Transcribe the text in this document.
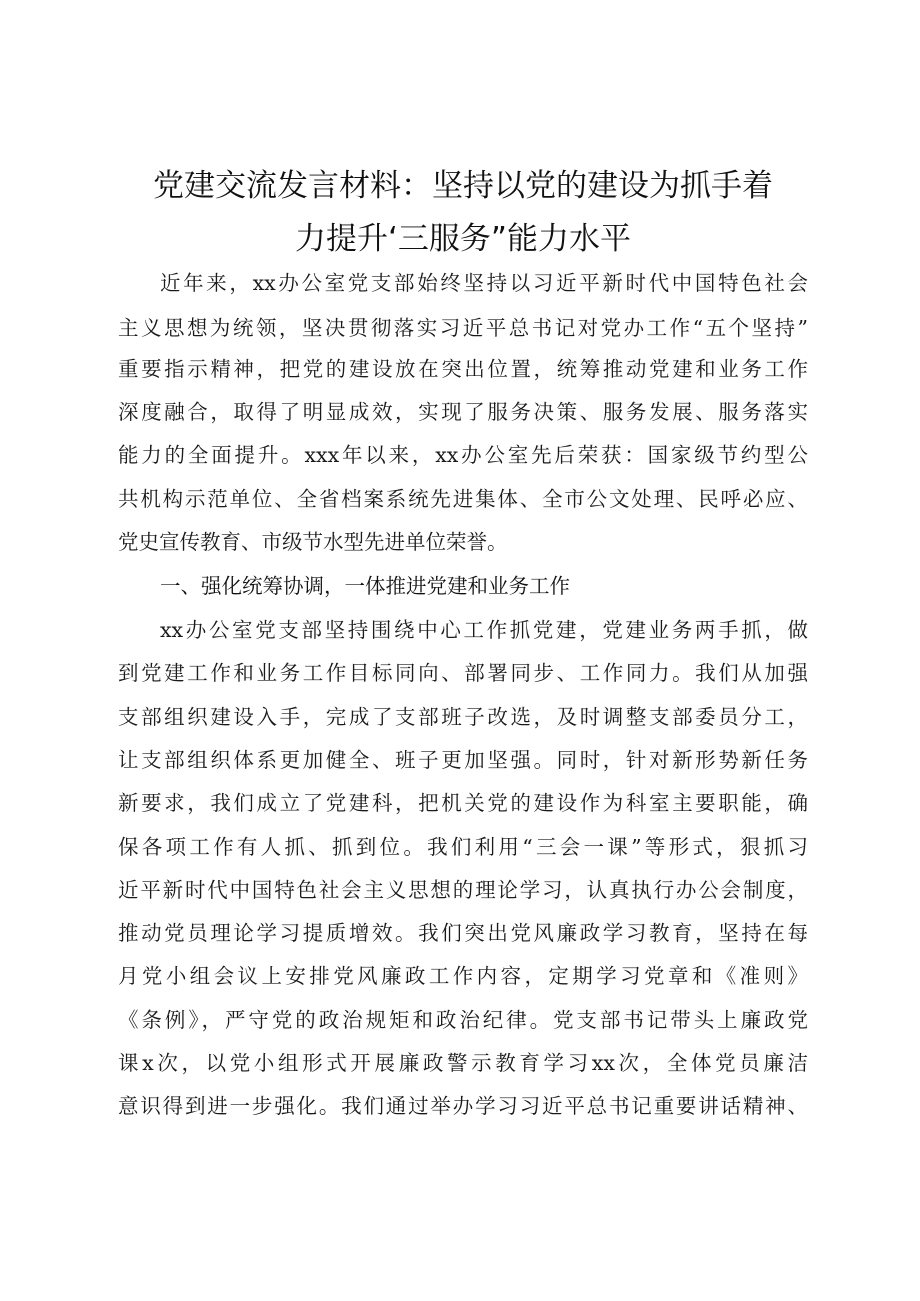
党建交流发言材料：坚持以党的建设为抓手着
力提升‘三服务”能力水平
近年来，xx办公室党支部始终坚持以习近平新时代中国特色社会
主义思想为统领，坚决贯彻落实习近平总书记对党办工作“五个坚持”
重要指示精神，把党的建设放在突出位置，统筹推动党建和业务工作
深度融合，取得了明显成效，实现了服务决策、服务发展、服务落实
能力的全面提升。xxx年以来，xx办公室先后荣获：国家级节约型公
共机构示范单位、全省档案系统先进集体、全市公文处理、民呼必应、
党史宣传教育、市级节水型先进单位荣誉。
一、强化统筹协调，一体推进党建和业务工作
xx办公室党支部坚持围绕中心工作抓党建，党建业务两手抓，做
到党建工作和业务工作目标同向、部署同步、工作同力。我们从加强
支部组织建设入手，完成了支部班子改选，及时调整支部委员分工，
让支部组织体系更加健全、班子更加坚强。同时，针对新形势新任务
新要求，我们成立了党建科，把机关党的建设作为科室主要职能，确
保各项工作有人抓、抓到位。我们利用“三会一课”等形式，狠抓习
近平新时代中国特色社会主义思想的理论学习，认真执行办公会制度，
推动党员理论学习提质增效。我们突出党风廉政学习教育，坚持在每
月党小组会议上安排党风廉政工作内容，定期学习党章和《准则》
《条例》，严守党的政治规矩和政治纪律。党支部书记带头上廉政党
课x次，以党小组形式开展廉政警示教育学习xx次，全体党员廉洁
意识得到进一步强化。我们通过举办学习习近平总书记重要讲话精神、
